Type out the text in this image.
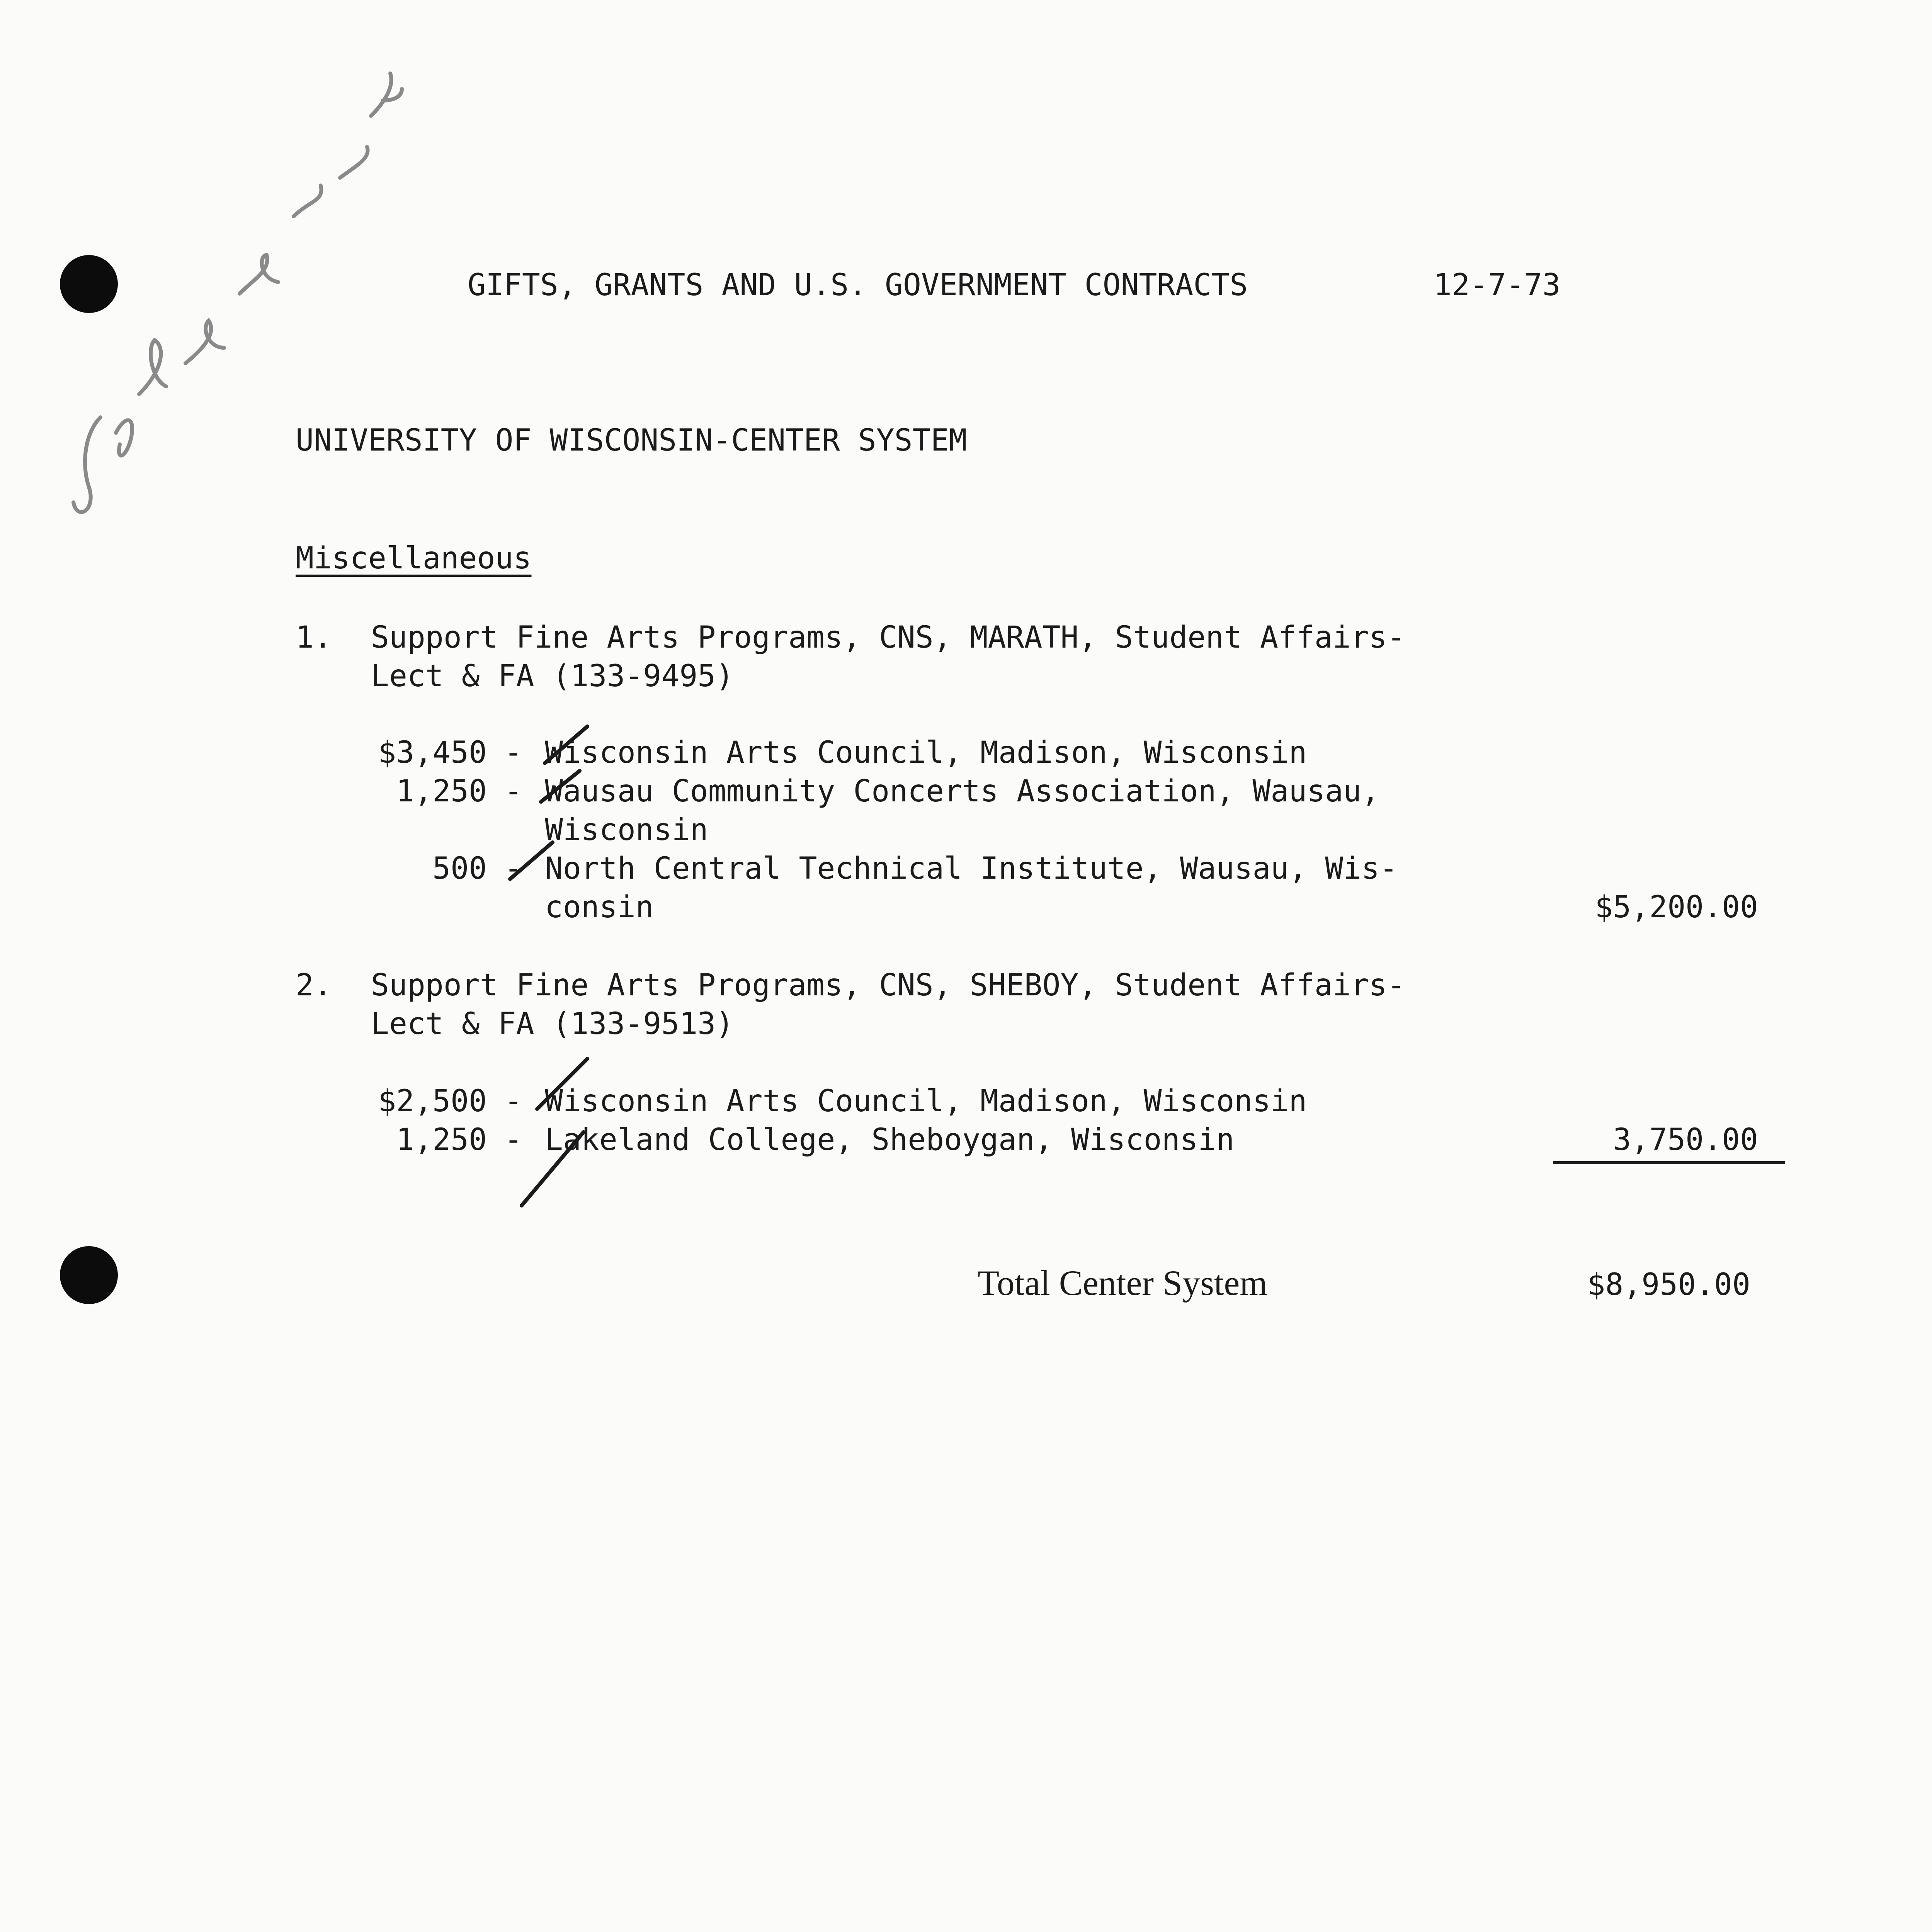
GIFTS, GRANTS AND U.S. GOVERNMENT CONTRACTS	12-7-73
UNIVERSITY OF WISCONSIN-CENTER SYSTEM
Miscellaneous
1. Support Fine Arts Programs, CNS, MARATH, Student Affairs-
Lect & FA (133-9495)
$3,450 - Wisconsin Arts Council, Madison, Wisconsin
1,250 - Wausau Community Concerts Association, Wausau,
Wisconsin
500 - North Central Technical Institute, Wausau, Wis-
consin	$5,200.00
2. Support Fine Arts Programs, CNS, SHEBOY, Student Affairs-
Lect & FA (133-9513)
$2,500 - Wisconsin Arts Council, Madison, Wisconsin
1,250 - Lakeland College, Sheboygan, Wisconsin	3,750.00
Total Center System	$8,950.00
